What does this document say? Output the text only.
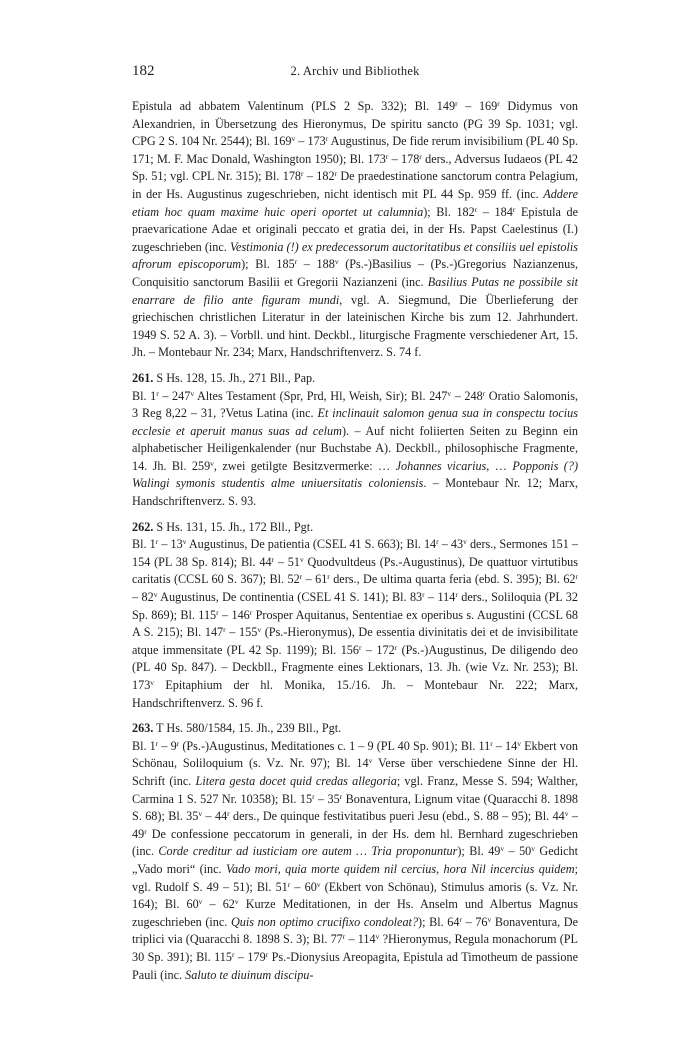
182	2. Archiv und Bibliothek

Epistula ad abbatem Valentinum (PLS 2 Sp. 332); Bl. 149$^r$ – 169$^r$ Didymus von Alexandrien, in Übersetzung des Hieronymus, De spiritu sancto (PG 39 Sp. 1031; vgl. CPG 2 S. 104 Nr. 2544); Bl. 169$^v$ – 173$^r$ Augustinus, De fide rerum invisibilium (PL 40 Sp. 171; M. F. Mac Donald, Washington 1950); Bl. 173$^r$ – 178$^r$ ders., Adversus Iudaeos (PL 42 Sp. 51; vgl. CPL Nr. 315); Bl. 178$^r$ – 182$^r$ De praedestinatione sanctorum contra Pelagium, in der Hs. Augustinus zugeschrieben, nicht identisch mit PL 44 Sp. 959 ff. (inc. Addere etiam hoc quam maxime huic operi oportet ut calumnia); Bl. 182$^r$ – 184$^r$ Epistula de praevaricatione Adae et originali peccato et gratia dei, in der Hs. Papst Caelestinus (I.) zugeschrieben (inc. Vestimonia (!) ex predecessorum auctoritatibus et consiliis uel epistolis afrorum episcoporum); Bl. 185$^r$ – 188$^v$ (Ps.-)Basilius – (Ps.-)Gregorius Nazianzenus, Conquisitio sanctorum Basilii et Gregorii Nazianzeni (inc. Basilius Putas ne possibile sit enarrare de filio ante figuram mundi, vgl. A. Siegmund, Die Überlieferung der griechischen christlichen Literatur in der lateinischen Kirche bis zum 12. Jahrhundert. 1949 S. 52 A. 3). – Vorbll. und hint. Deckbl., liturgische Fragmente verschiedener Art, 15. Jh. – Montebaur Nr. 234; Marx, Handschriftenverz. S. 74 f.

261. S Hs. 128, 15. Jh., 271 Bll., Pap.

Bl. 1$^r$ – 247$^v$ Altes Testament (Spr, Prd, Hl, Weish, Sir); Bl. 247$^v$ – 248$^r$ Oratio Salomonis, 3 Reg 8,22 – 31, ?Vetus Latina (inc. Et inclinauit salomon genua sua in conspectu tocius ecclesie et aperuit manus suas ad celum). – Auf nicht foliierten Seiten zu Beginn ein alphabetischer Heiligenkalender (nur Buchstabe A). Deckbll., philosophische Fragmente, 14. Jh. Bl. 259$^v$, zwei getilgte Besitzvermerke: … Johannes vicarius, … Popponis (?) Walingi symonis studentis alme uniuersitatis coloniensis. – Montebaur Nr. 12; Marx, Handschriftenverz. S. 93.

262. S Hs. 131, 15. Jh., 172 Bll., Pgt.

Bl. 1$^r$ – 13$^v$ Augustinus, De patientia (CSEL 41 S. 663); Bl. 14$^r$ – 43$^v$ ders., Sermones 151 – 154 (PL 38 Sp. 814); Bl. 44$^r$ – 51$^v$ Quodvultdeus (Ps.-Augustinus), De quattuor virtutibus caritatis (CCSL 60 S. 367); Bl. 52$^r$ – 61$^r$ ders., De ultima quarta feria (ebd. S. 395); Bl. 62$^r$ – 82$^v$ Augustinus, De continentia (CSEL 41 S. 141); Bl. 83$^r$ – 114$^r$ ders., Soliloquia (PL 32 Sp. 869); Bl. 115$^r$ – 146$^r$ Prosper Aquitanus, Sententiae ex operibus s. Augustini (CCSL 68 A S. 215); Bl. 147$^r$ – 155$^v$ (Ps.-Hieronymus), De essentia divinitatis dei et de invisibilitate atque immensitate (PL 42 Sp. 1199); Bl. 156$^r$ – 172$^r$ (Ps.-)Augustinus, De diligendo deo (PL 40 Sp. 847). – Deckbll., Fragmente eines Lektionars, 13. Jh. (wie Vz. Nr. 253); Bl. 173$^v$ Epitaphium der hl. Monika, 15./16. Jh. – Montebaur Nr. 222; Marx, Handschriftenverz. S. 96 f.

263. T Hs. 580/1584, 15. Jh., 239 Bll., Pgt.

Bl. 1$^r$ – 9$^r$ (Ps.-)Augustinus, Meditationes c. 1 – 9 (PL 40 Sp. 901); Bl. 11$^r$ – 14$^v$ Ekbert von Schönau, Soliloquium (s. Vz. Nr. 97); Bl. 14$^v$ Verse über verschiedene Sinne der Hl. Schrift (inc. Litera gesta docet quid credas allegoria; vgl. Franz, Messe S. 594; Walther, Carmina 1 S. 527 Nr. 10358); Bl. 15$^r$ – 35$^r$ Bonaventura, Lignum vitae (Quaracchi 8. 1898 S. 68); Bl. 35$^v$ – 44$^r$ ders., De quinque festivitatibus pueri Jesu (ebd., S. 88 – 95); Bl. 44$^v$ – 49$^r$ De confessione peccatorum in generali, in der Hs. dem hl. Bernhard zugeschrieben (inc. Corde creditur ad iusticiam ore autem … Tria proponuntur); Bl. 49$^v$ – 50$^v$ Gedicht „Vado mori“ (inc. Vado mori, quia morte quidem nil cercius, hora Nil incercius quidem; vgl. Rudolf S. 49 – 51); Bl. 51$^r$ – 60$^v$ (Ekbert von Schönau), Stimulus amoris (s. Vz. Nr. 164); Bl. 60$^v$ – 62$^v$ Kurze Meditationen, in der Hs. Anselm und Albertus Magnus zugeschrieben (inc. Quis non optimo crucifixo condoleat?); Bl. 64$^r$ – 76$^v$ Bonaventura, De triplici via (Quaracchi 8. 1898 S. 3); Bl. 77$^r$ – 114$^v$ ?Hieronymus, Regula monachorum (PL 30 Sp. 391); Bl. 115$^r$ – 179$^r$ Ps.-Dionysius Areopagita, Epistula ad Timotheum de passione Pauli (inc. Saluto te diuinum discipu-
